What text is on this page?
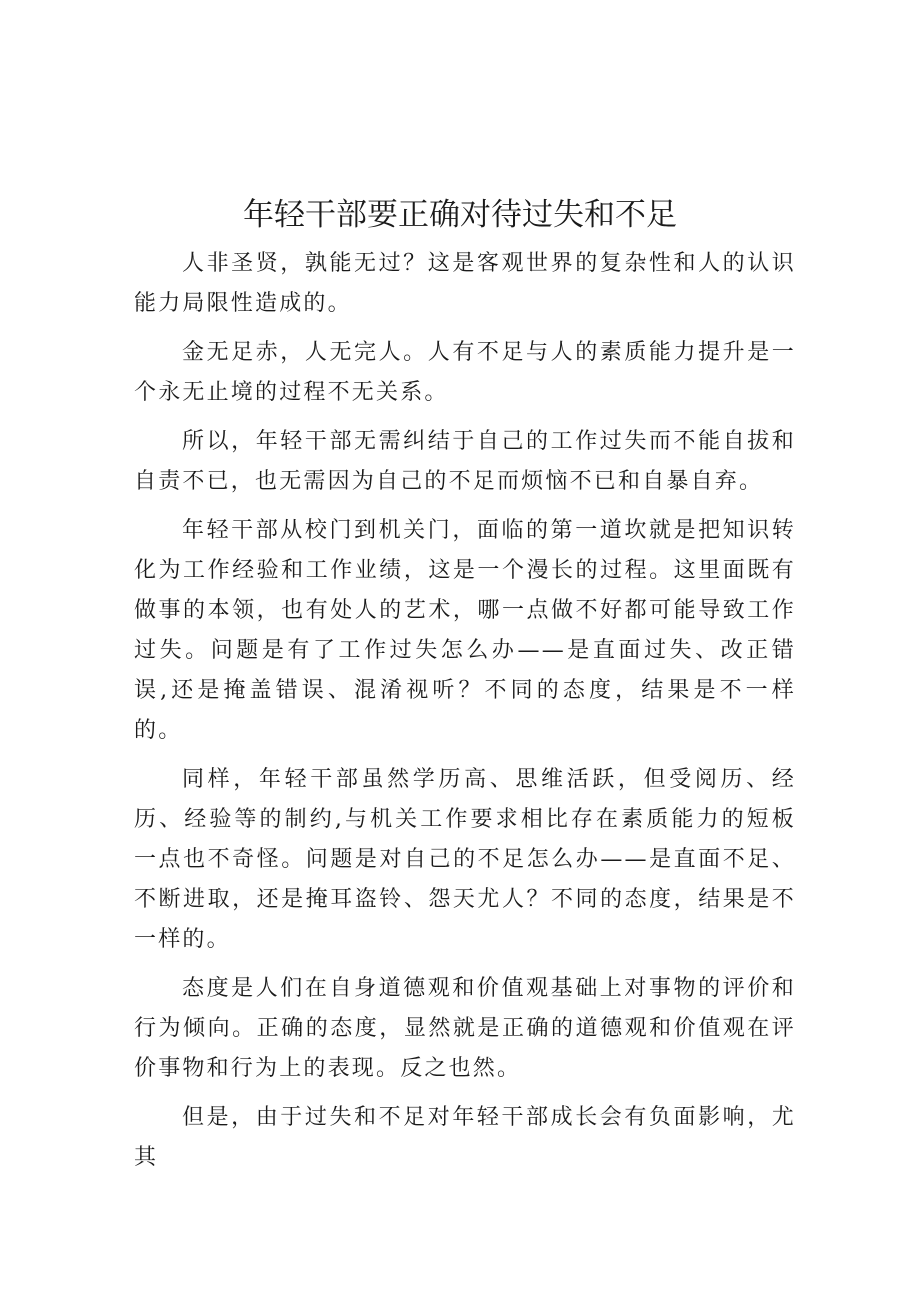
年轻干部要正确对待过失和不足

人非圣贤，孰能无过？这是客观世界的复杂性和人的认识能力局限性造成的。

金无足赤，人无完人。人有不足与人的素质能力提升是一个永无止境的过程不无关系。

所以，年轻干部无需纠结于自己的工作过失而不能自拔和自责不已，也无需因为自己的不足而烦恼不已和自暴自弃。

年轻干部从校门到机关门，面临的第一道坎就是把知识转化为工作经验和工作业绩，这是一个漫长的过程。这里面既有做事的本领，也有处人的艺术，哪一点做不好都可能导致工作过失。问题是有了工作过失怎么办——是直面过失、改正错误,还是掩盖错误、混淆视听？不同的态度，结果是不一样的。

同样，年轻干部虽然学历高、思维活跃，但受阅历、经历、经验等的制约,与机关工作要求相比存在素质能力的短板一点也不奇怪。问题是对自己的不足怎么办——是直面不足、不断进取，还是掩耳盗铃、怨天尤人？不同的态度，结果是不一样的。

态度是人们在自身道德观和价值观基础上对事物的评价和行为倾向。正确的态度，显然就是正确的道德观和价值观在评价事物和行为上的表现。反之也然。

但是，由于过失和不足对年轻干部成长会有负面影响，尤其
